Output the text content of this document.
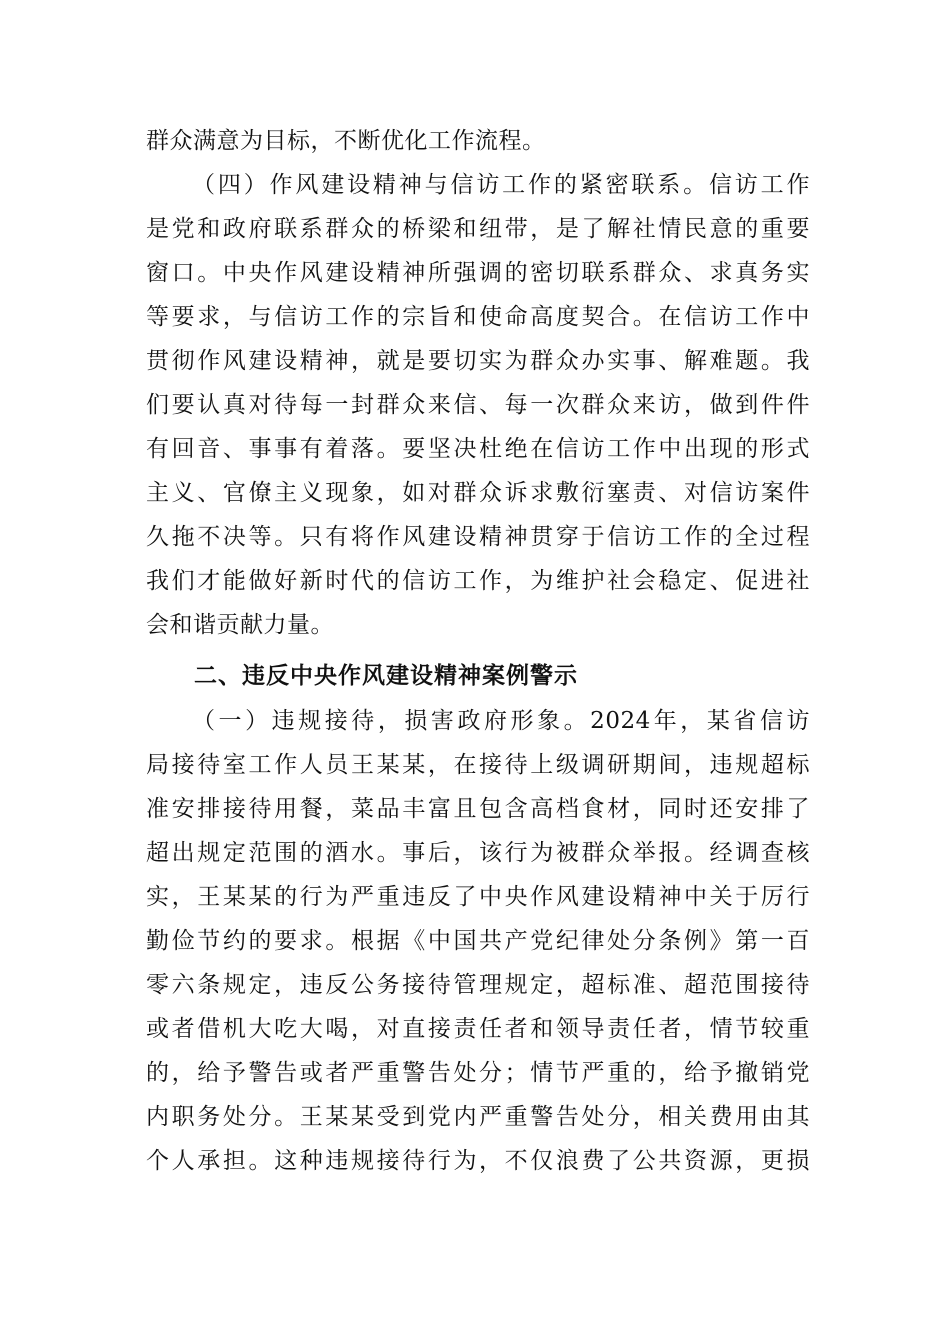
群众满意为目标，不断优化工作流程。
（四）作风建设精神与信访工作的紧密联系。信访工作
是党和政府联系群众的桥梁和纽带，是了解社情民意的重要
窗口。中央作风建设精神所强调的密切联系群众、求真务实
等要求，与信访工作的宗旨和使命高度契合。在信访工作中
贯彻作风建设精神，就是要切实为群众办实事、解难题。我
们要认真对待每一封群众来信、每一次群众来访，做到件件
有回音、事事有着落。要坚决杜绝在信访工作中出现的形式
主义、官僚主义现象，如对群众诉求敷衍塞责、对信访案件
久拖不决等。只有将作风建设精神贯穿于信访工作的全过程
我们才能做好新时代的信访工作，为维护社会稳定、促进社
会和谐贡献力量。
二、违反中央作风建设精神案例警示
（一）违规接待，损害政府形象。2024年，某省信访
局接待室工作人员王某某，在接待上级调研期间，违规超标
准安排接待用餐，菜品丰富且包含高档食材，同时还安排了
超出规定范围的酒水。事后，该行为被群众举报。经调查核
实，王某某的行为严重违反了中央作风建设精神中关于厉行
勤俭节约的要求。根据《中国共产党纪律处分条例》第一百
零六条规定，违反公务接待管理规定，超标准、超范围接待
或者借机大吃大喝，对直接责任者和领导责任者，情节较重
的，给予警告或者严重警告处分；情节严重的，给予撤销党
内职务处分。王某某受到党内严重警告处分，相关费用由其
个人承担。这种违规接待行为，不仅浪费了公共资源，更损
